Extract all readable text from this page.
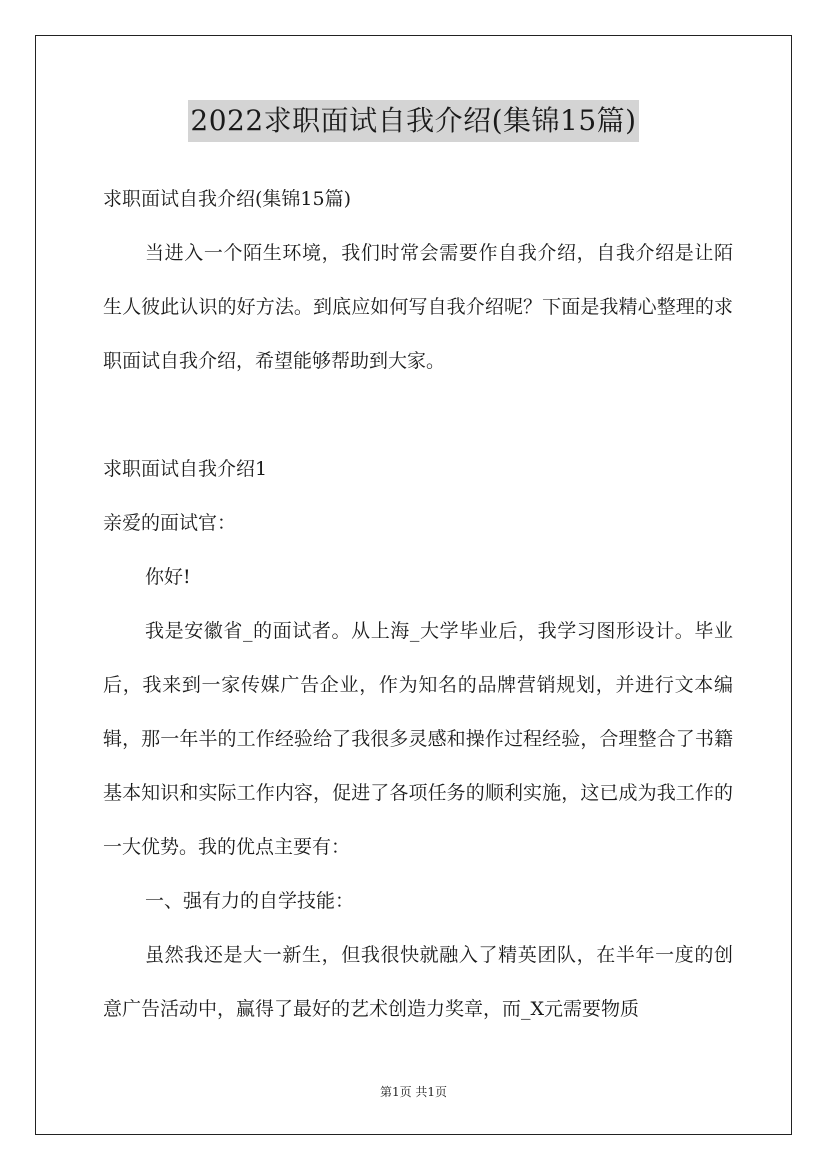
2022求职面试自我介绍(集锦15篇)

求职面试自我介绍(集锦15篇)

当进入一个陌生环境，我们时常会需要作自我介绍，自我介绍是让陌生人彼此认识的好方法。到底应如何写自我介绍呢？下面是我精心整理的求职面试自我介绍，希望能够帮助到大家。

求职面试自我介绍1

亲爱的面试官：

你好!

我是安徽省_的面试者。从上海_大学毕业后，我学习图形设计。毕业后，我来到一家传媒广告企业，作为知名的品牌营销规划，并进行文本编辑，那一年半的工作经验给了我很多灵感和操作过程经验，合理整合了书籍基本知识和实际工作内容，促进了各项任务的顺利实施，这已成为我工作的一大优势。我的优点主要有：

一、强有力的自学技能：

虽然我还是大一新生，但我很快就融入了精英团队，在半年一度的创意广告活动中，赢得了最好的艺术创造力奖章，而_X元需要物质

第1页 共1页
